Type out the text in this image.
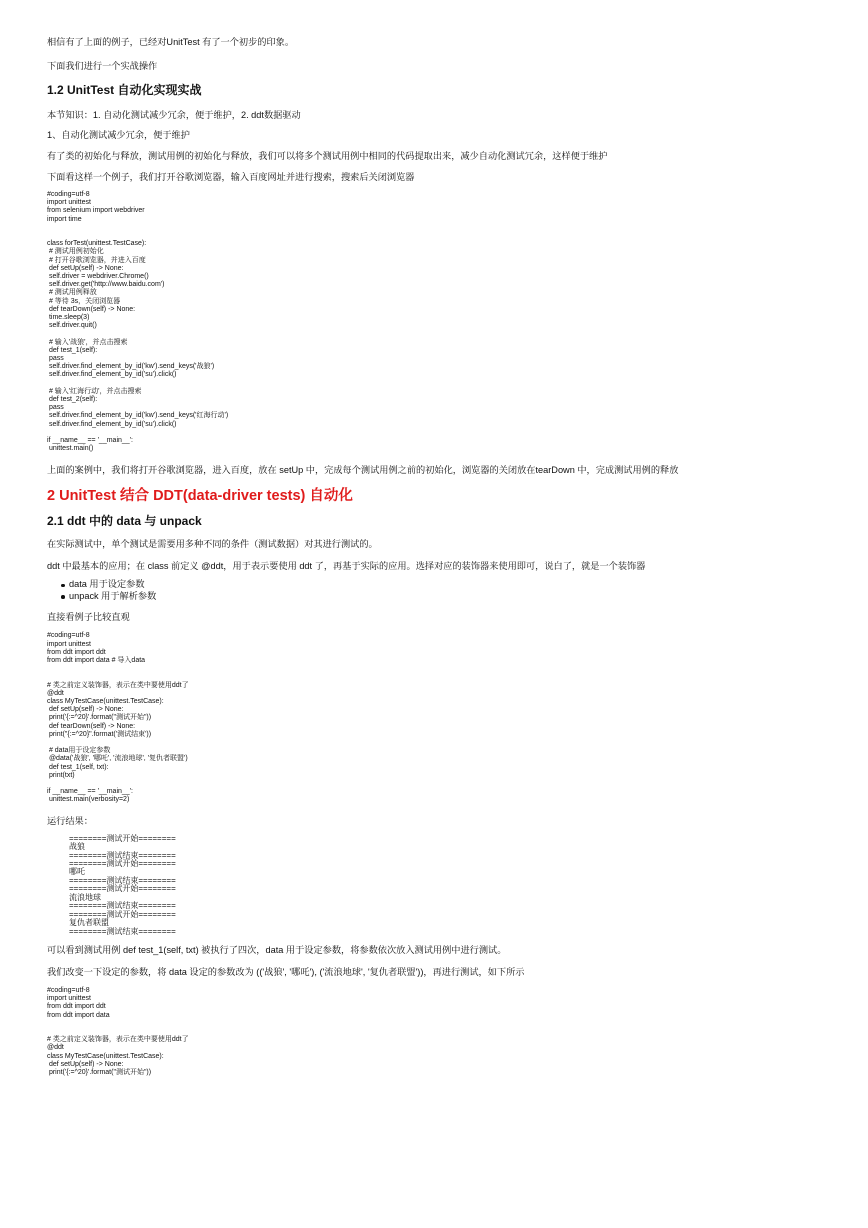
相信有了上面的例子，已经对UnitTest 有了一个初步的印象。

下面我们进行一个实战操作

1.2 UnitTest 自动化实现实战

本节知识：1. 自动化测试减少冗余，便于维护，2. ddt数据驱动

1、自动化测试减少冗余，便于维护

有了类的初始化与释放，测试用例的初始化与释放，我们可以将多个测试用例中相同的代码提取出来，减少自动化测试冗余，这样便于维护

下面看这样一个例子，我们打开谷歌浏览器，输入百度网址并进行搜索，搜索后关闭浏览器

#coding=utf-8
import unittest
from selenium import webdriver
import time
class forTest(unittest.TestCase):
# 测试用例初始化
# 打开谷歌浏览器，并进入百度
def setUp(self) -> None:
self.driver = webdriver.Chrome()
self.driver.get('http://www.baidu.com')
# 测试用例释放
# 等待 3s，关闭浏览器
def tearDown(self) -> None:
time.sleep(3)
self.driver.quit()
# 输入'战狼'，并点击搜索
def test_1(self):
pass
self.driver.find_element_by_id('kw').send_keys('战狼')
self.driver.find_element_by_id('su').click()
# 输入'红海行动'，并点击搜索
def test_2(self):
pass
self.driver.find_element_by_id('kw').send_keys('红海行动')
self.driver.find_element_by_id('su').click()
if __name__ == '__main__':
unittest.main()

上面的案例中，我们将打开谷歌浏览器，进入百度，放在 setUp 中，完成每个测试用例之前的初始化，浏览器的关闭放在tearDown 中，完成测试用例的释放

2 UnitTest 结合 DDT(data-driver tests) 自动化
2.1 ddt 中的 data 与 unpack

在实际测试中，单个测试是需要用多种不同的条件（测试数据）对其进行测试的。

ddt 中最基本的应用；在 class 前定义 @ddt，用于表示要使用 ddt 了，再基于实际的应用。选择对应的装饰器来使用即可，说白了，就是一个装饰器

data 用于设定参数
unpack 用于解析参数

直接看例子比较直观

#coding=utf-8
import unittest
from ddt import ddt
from ddt import data # 导入data
# 类之前定义装饰器，表示在类中要使用ddt了
@ddt
class MyTestCase(unittest.TestCase):
def setUp(self) -> None:
print('{:=^20}'.format("测试开始"))
def tearDown(self) -> None:
print("{:=^20}".format('测试结束'))
# data用于设定参数
@data('战狼', '哪吒', '流浪地球', '复仇者联盟')
def test_1(self, txt):
print(txt)
if __name__ == '__main__':
unittest.main(verbosity=2)

运行结果：

========测试开始========
战狼
========测试结束========
========测试开始========
哪吒
========测试结束========
========测试开始========
流浪地球
========测试结束========
========测试开始========
复仇者联盟
========测试结束========

可以看到测试用例 def test_1(self, txt) 被执行了四次，data 用于设定参数，将参数依次放入测试用例中进行测试。

我们改变一下设定的参数，将 data 设定的参数改为 (('战狼', '哪吒'), ('流浪地球', '复仇者联盟'))，再进行测试，如下所示

#coding=utf-8
import unittest
from ddt import ddt
from ddt import data
# 类之前定义装饰器，表示在类中要使用ddt了
@ddt
class MyTestCase(unittest.TestCase):
def setUp(self) -> None:
print('{:=^20}'.format("测试开始"))
